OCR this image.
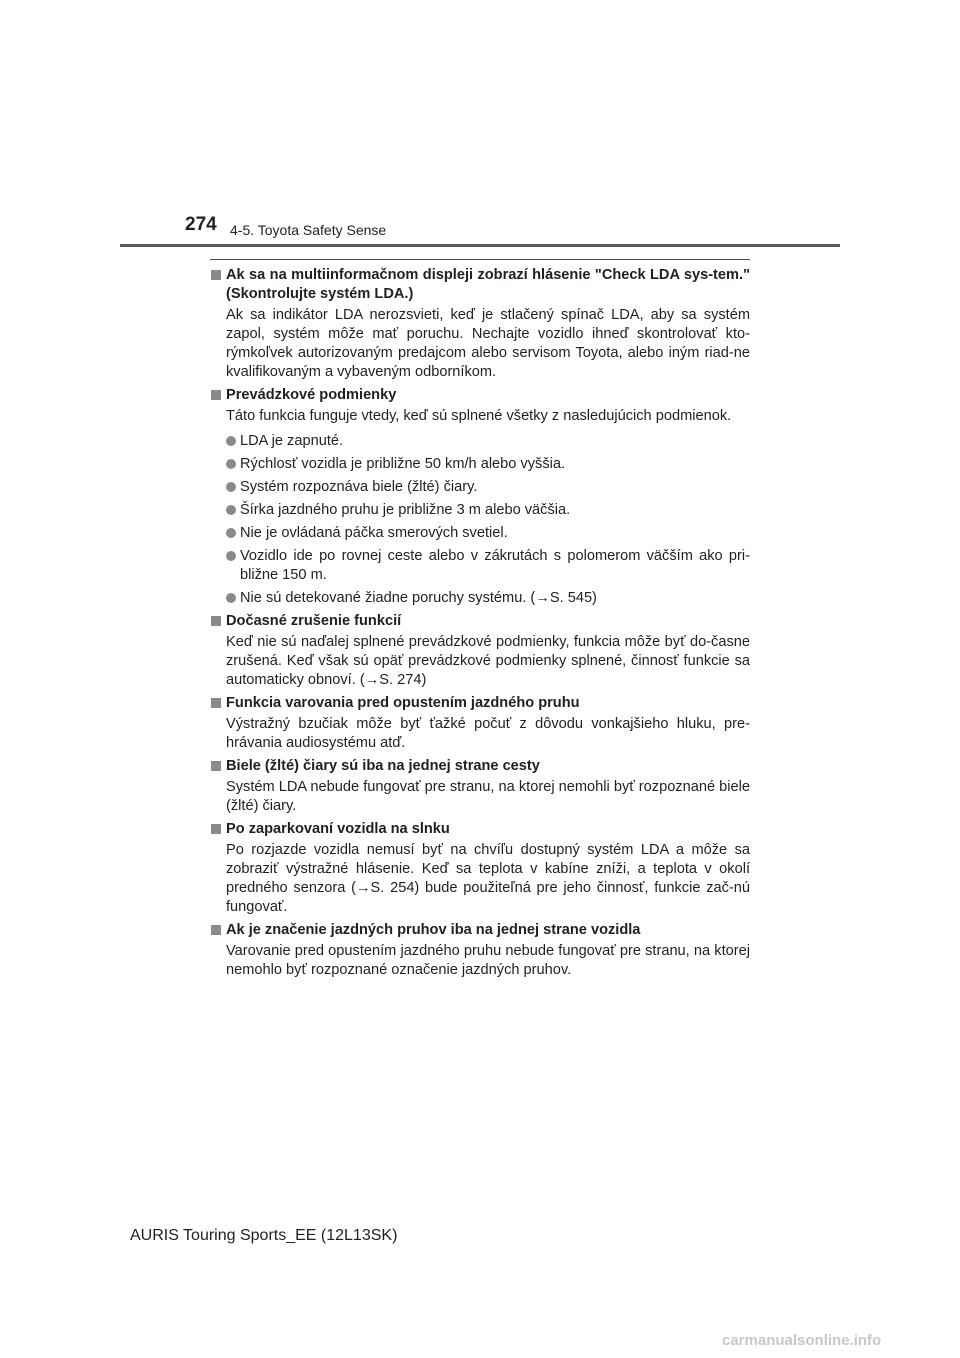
274 4-5. Toyota Safety Sense
Ak sa na multiinformačnom displeji zobrazí hlásenie "Check LDA sys-tem." (Skontrolujte systém LDA.)
Ak sa indikátor LDA nerozsvieti, keď je stlačený spínač LDA, aby sa systém zapol, systém môže mať poruchu. Nechajte vozidlo ihneď skontrolovať kto-rýmkoľvek autorizovaným predajcom alebo servisom Toyota, alebo iným riad-ne kvalifikovaným a vybaveným odborníkom.
Prevádzkové podmienky
Táto funkcia funguje vtedy, keď sú splnené všetky z nasledujúcich podmienok.
LDA je zapnuté.
Rýchlosť vozidla je približne 50 km/h alebo vyššia.
Systém rozpoznáva biele (žlté) čiary.
Šírka jazdného pruhu je približne 3 m alebo väčšia.
Nie je ovládaná páčka smerových svetiel.
Vozidlo ide po rovnej ceste alebo v zákrutách s polomerom väčším ako pri-bližne 150 m.
Nie sú detekované žiadne poruchy systému. (→S. 545)
Dočasné zrušenie funkcií
Keď nie sú naďalej splnené prevádzkové podmienky, funkcia môže byť do-časne zrušená. Keď však sú opäť prevádzkové podmienky splnené, činnosť funkcie sa automaticky obnoví. (→S. 274)
Funkcia varovania pred opustením jazdného pruhu
Výstražný bzučiak môže byť ťažké počuť z dôvodu vonkajšieho hluku, pre-hrávania audiosystému atď.
Biele (žlté) čiary sú iba na jednej strane cesty
Systém LDA nebude fungovať pre stranu, na ktorej nemohli byť rozpoznané biele (žlté) čiary.
Po zaparkovaní vozidla na slnku
Po rozjazde vozidla nemusí byť na chvíľu dostupný systém LDA a môže sa zobraziť výstražné hlásenie. Keď sa teplota v kabíne zníži, a teplota v okolí predného senzora (→S. 254) bude použiteľná pre jeho činnosť, funkcie zač-nú fungovať.
Ak je značenie jazdných pruhov iba na jednej strane vozidla
Varovanie pred opustením jazdného pruhu nebude fungovať pre stranu, na ktorej nemohlo byť rozpoznané označenie jazdných pruhov.
AURIS Touring Sports_EE (12L13SK)
carmanualsonline.info
